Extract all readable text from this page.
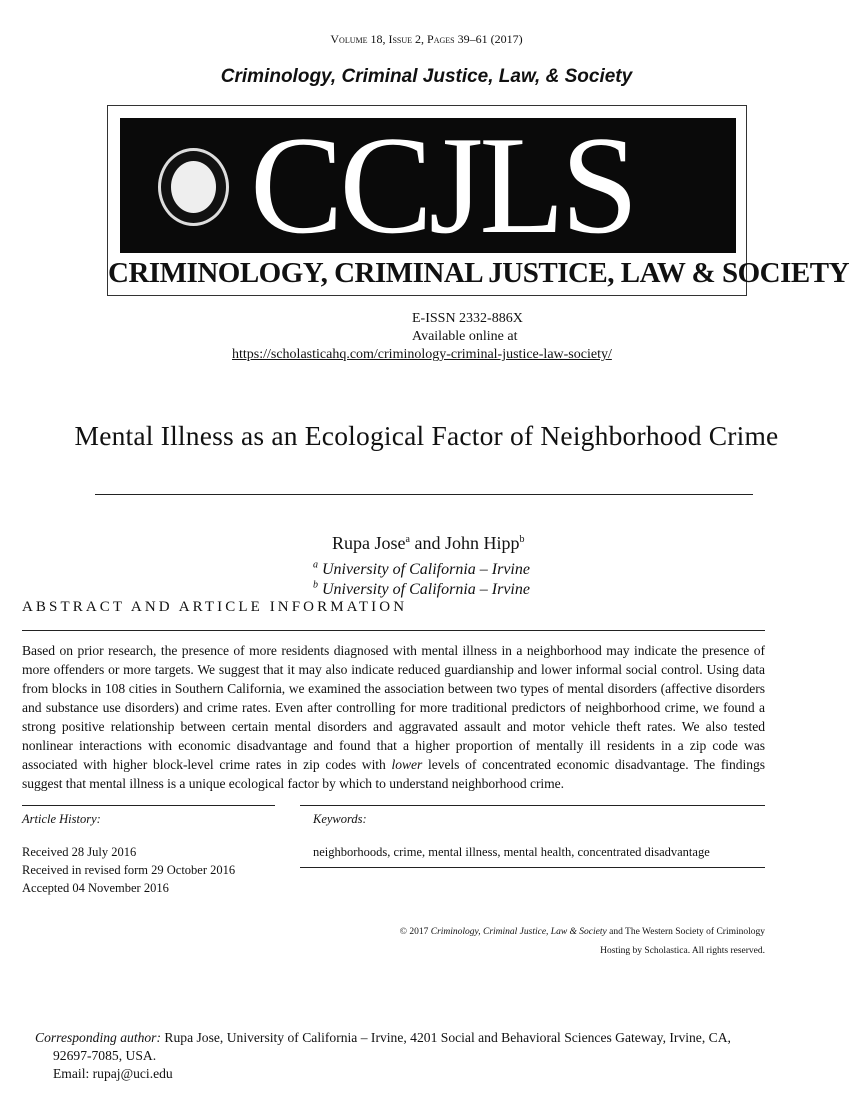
Volume 18, Issue 2, Pages 39–61 (2017)
Criminology, Criminal Justice, Law, & Society
CCJLS
CRIMINOLOGY, CRIMINAL JUSTICE, LAW & SOCIETY
E-ISSN 2332-886X
Available online at
https://scholasticahq.com/criminology-criminal-justice-law-society/
Mental Illness as an Ecological Factor of Neighborhood Crime
Rupa Jose$^a$ and John Hipp$^b$
$^a$ University of California – Irvine
$^b$ University of California – Irvine
ABSTRACT AND ARTICLE INFORMATION
Based on prior research, the presence of more residents diagnosed with mental illness in a neighborhood may indicate the presence of more offenders or more targets. We suggest that it may also indicate reduced guardianship and lower informal social control. Using data from blocks in 108 cities in Southern California, we examined the association between two types of mental disorders (affective disorders and substance use disorders) and crime rates. Even after controlling for more traditional predictors of neighborhood crime, we found a strong positive relationship between certain mental disorders and aggravated assault and motor vehicle theft rates. We also tested nonlinear interactions with economic disadvantage and found that a higher proportion of mentally ill residents in a zip code was associated with higher block-level crime rates in zip codes with lower levels of concentrated economic disadvantage. The findings suggest that mental illness is a unique ecological factor by which to understand neighborhood crime.
Article History:
Received 28 July 2016
Received in revised form 29 October 2016
Accepted 04 November 2016
Keywords:
neighborhoods, crime, mental illness, mental health, concentrated disadvantage
© 2017 Criminology, Criminal Justice, Law & Society and The Western Society of Criminology
Hosting by Scholastica. All rights reserved.
Corresponding author: Rupa Jose, University of California – Irvine, 4201 Social and Behavioral Sciences Gateway, Irvine, CA,
92697-7085, USA.
Email: rupaj@uci.edu
